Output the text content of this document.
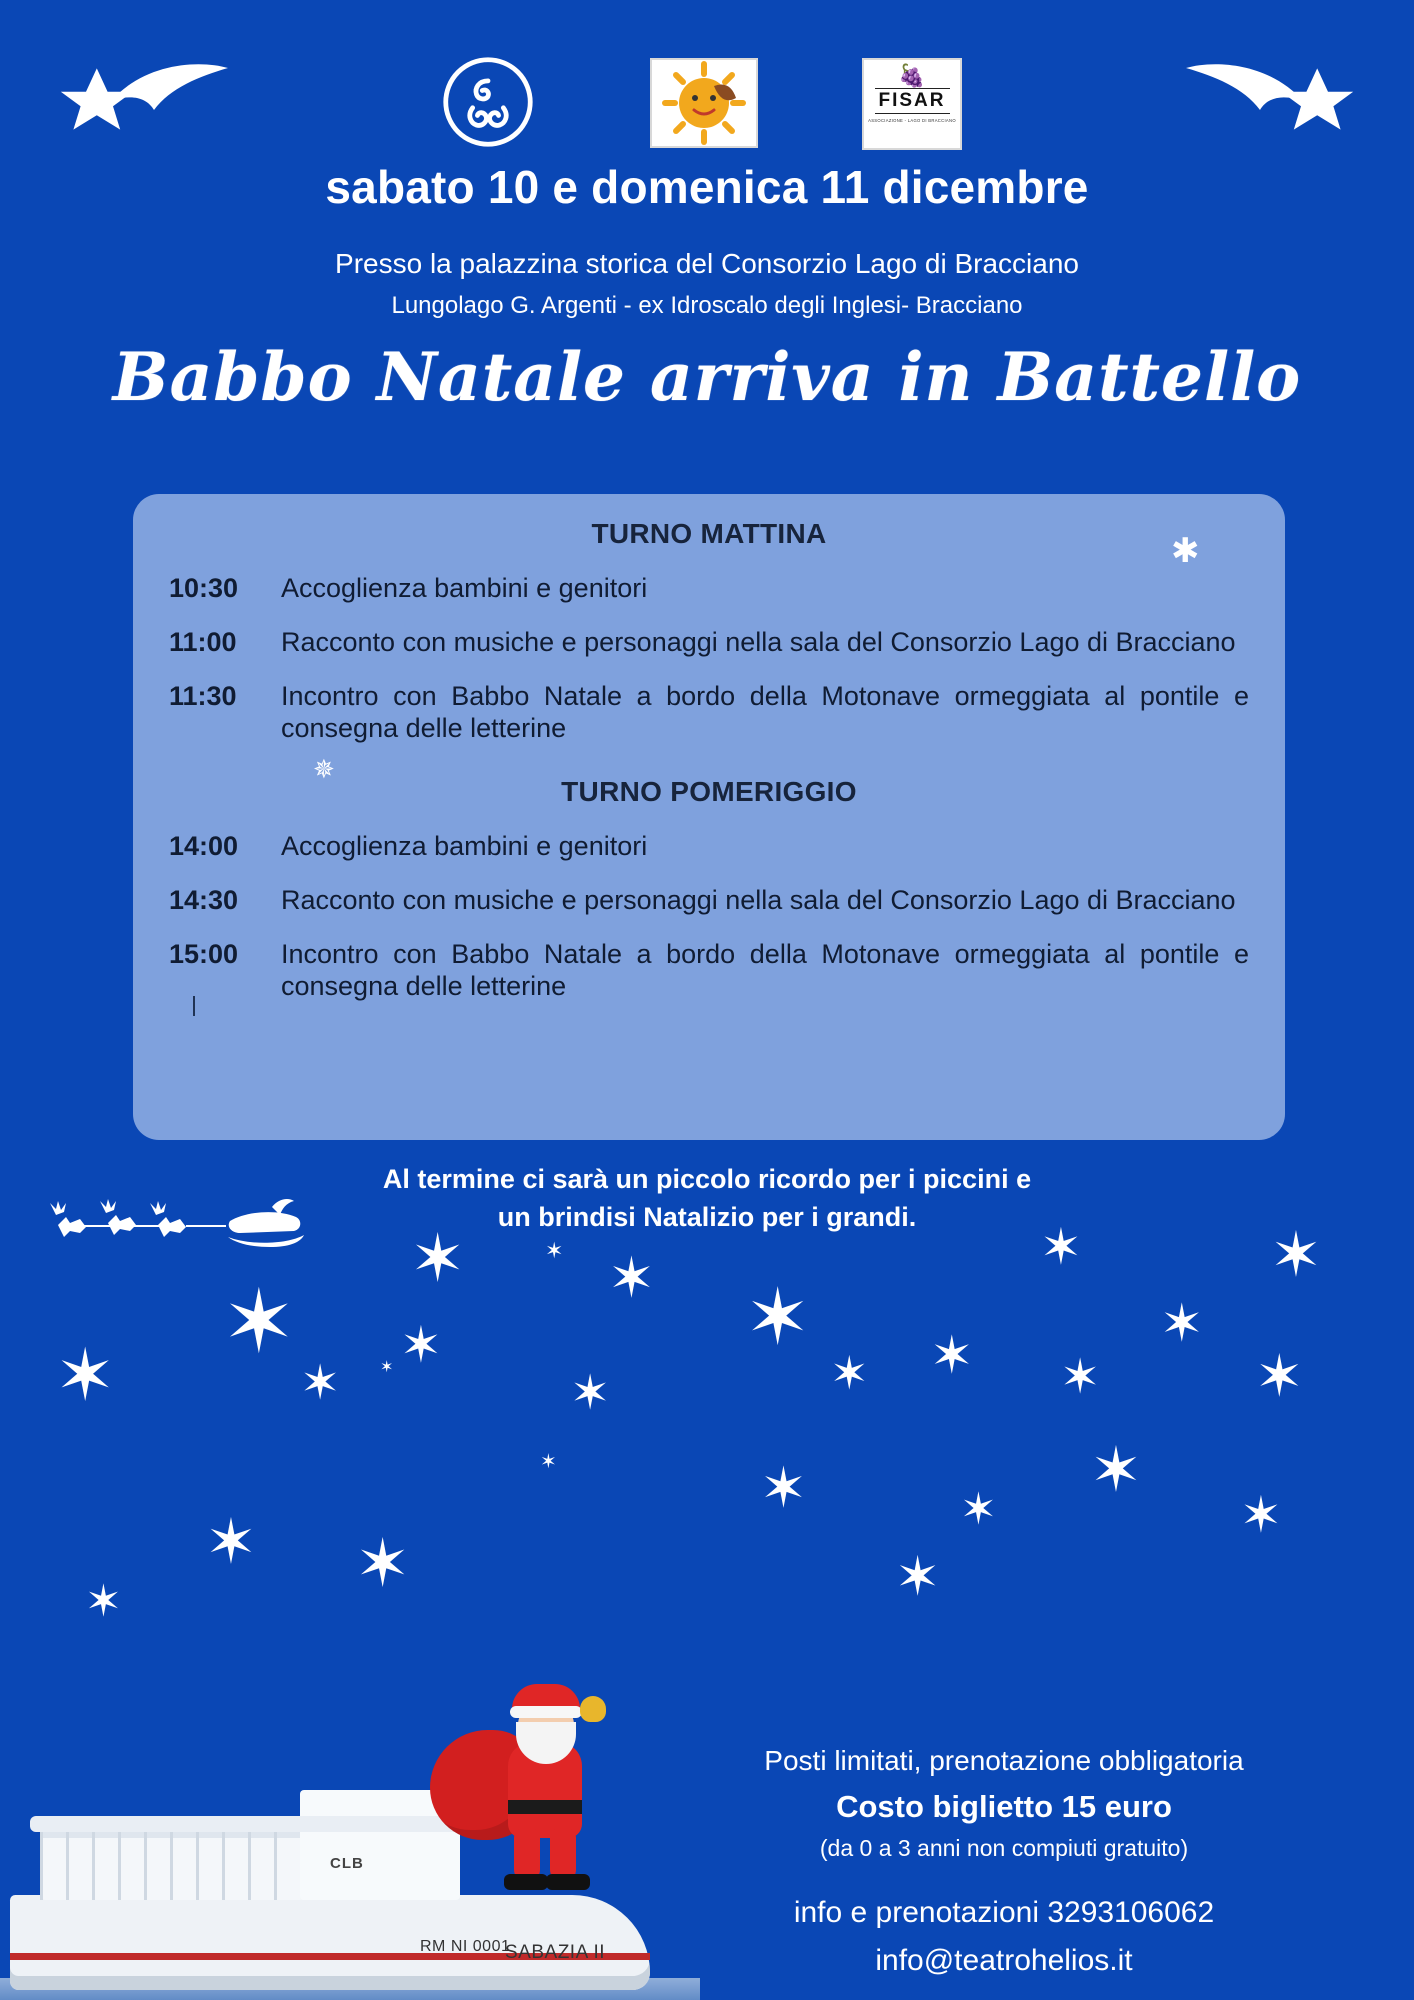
🍇
FISAR
ASSOCIAZIONE - LAGO DI BRACCIANO
sabato 10 e domenica 11 dicembre
Presso la palazzina storica del Consorzio Lago di Bracciano
Lungolago G. Argenti - ex Idroscalo degli Inglesi- Bracciano
Babbo Natale arriva in Battello
TURNO MATTINA
10:30	Accoglienza bambini e genitori
11:00	Racconto con musiche e personaggi nella sala del Consorzio Lago di Bracciano
11:30	Incontro con Babbo Natale a bordo della Motonave ormeggiata al pontile e consegna delle letterine
TURNO POMERIGGIO
14:00	Accoglienza bambini e genitori
14:30	Racconto con musiche e personaggi nella sala del Consorzio Lago di Bracciano
15:00	Incontro con Babbo Natale a bordo della Motonave ormeggiata al pontile e consegna delle letterine
✱
✵
Al termine ci sarà un piccolo ricordo per i piccini e
un brindisi Natalizio per i grandi.
✶	✶ ✶
✶	✶
✶
✶ ✶
✶	✶	✶	✶ ✶ ✶	✶
✶
✶
✶	✶
✶	✶
✶
✶ ✶
✶
✶
CLB
RM NI 0001
SABAZIA II
Posti limitati, prenotazione obbligatoria
Costo biglietto 15 euro
(da 0 a 3 anni non compiuti gratuito)
info e prenotazioni 3293106062
info@teatrohelios.it
